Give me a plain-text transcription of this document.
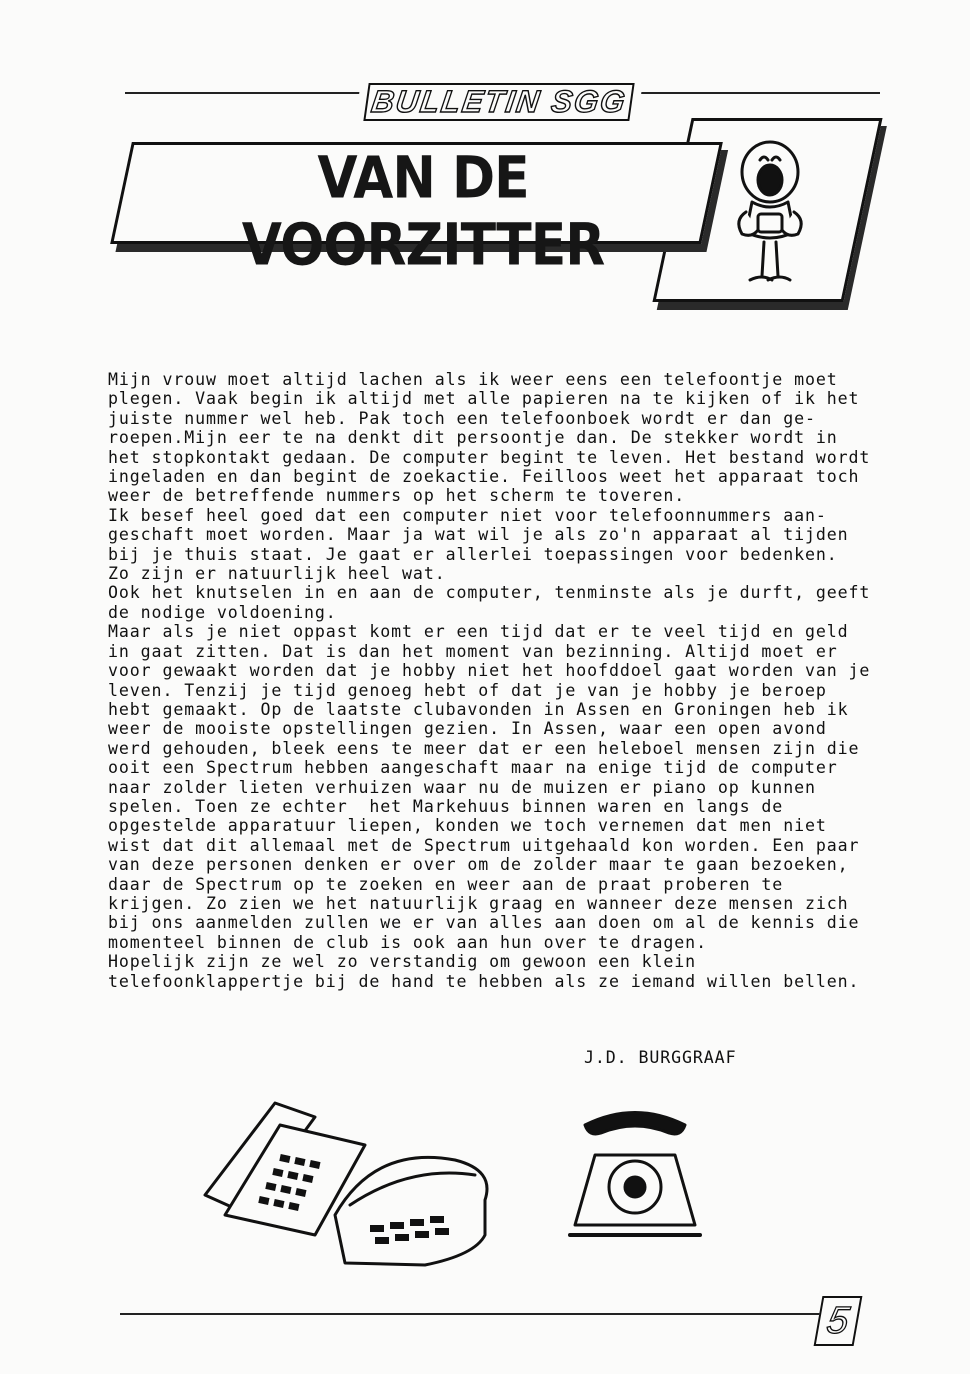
BULLETIN SGG
VAN DE VOORZITTER
Mijn vrouw moet altijd lachen als ik weer eens een telefoontje moet
plegen. Vaak begin ik altijd met alle papieren na te kijken of ik het
juiste nummer wel heb. Pak toch een telefoonboek wordt er dan ge-
roepen.Mijn eer te na denkt dit persoontje dan. De stekker wordt in
het stopkontakt gedaan. De computer begint te leven. Het bestand wordt
ingeladen en dan begint de zoekactie. Feilloos weet het apparaat toch
weer de betreffende nummers op het scherm te toveren.
Ik besef heel goed dat een computer niet voor telefoonnummers aan-
geschaft moet worden. Maar ja wat wil je als zo'n apparaat al tijden
bij je thuis staat. Je gaat er allerlei toepassingen voor bedenken.
Zo zijn er natuurlijk heel wat.
Ook het knutselen in en aan de computer, tenminste als je durft, geeft
de nodige voldoening.
Maar als je niet oppast komt er een tijd dat er te veel tijd en geld
in gaat zitten. Dat is dan het moment van bezinning. Altijd moet er
voor gewaakt worden dat je hobby niet het hoofddoel gaat worden van je
leven. Tenzij je tijd genoeg hebt of dat je van je hobby je beroep
hebt gemaakt. Op de laatste clubavonden in Assen en Groningen heb ik
weer de mooiste opstellingen gezien. In Assen, waar een open avond
werd gehouden, bleek eens te meer dat er een heleboel mensen zijn die
ooit een Spectrum hebben aangeschaft maar na enige tijd de computer
naar zolder lieten verhuizen waar nu de muizen er piano op kunnen
spelen. Toen ze echter  het Markehuus binnen waren en langs de
opgestelde apparatuur liepen, konden we toch vernemen dat men niet
wist dat dit allemaal met de Spectrum uitgehaald kon worden. Een paar
van deze personen denken er over om de zolder maar te gaan bezoeken,
daar de Spectrum op te zoeken en weer aan de praat proberen te
krijgen. Zo zien we het natuurlijk graag en wanneer deze mensen zich
bij ons aanmelden zullen we er van alles aan doen om al de kennis die
momenteel binnen de club is ook aan hun over te dragen.
Hopelijk zijn ze wel zo verstandig om gewoon een klein
telefoonklappertje bij de hand te hebben als ze iemand willen bellen.

J.D. BURGGRAAF
5
